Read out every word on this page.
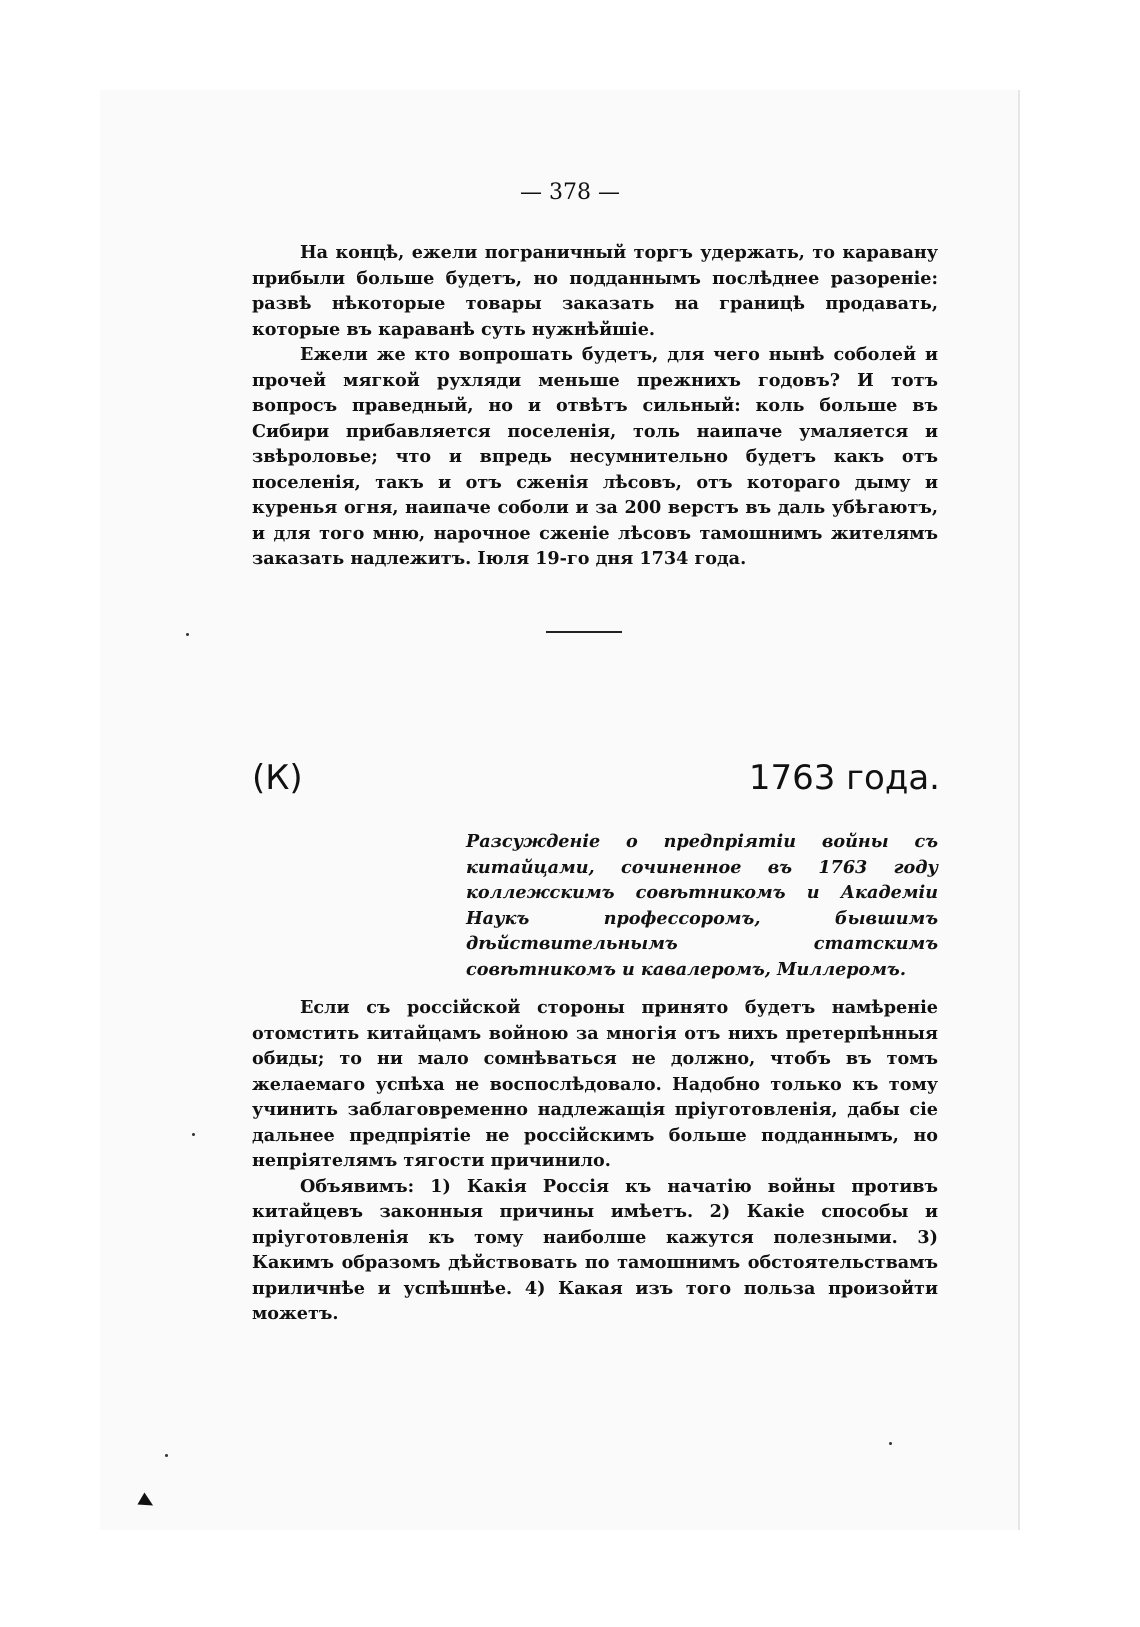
— 378 —

На концѣ, ежели пограничный торгъ удержать, то каравану прибыли больше будетъ, но подданнымъ послѣднее разореніе: развѣ нѣкоторые товары заказать на границѣ продавать, которые въ караванѣ суть нужнѣйшіе.

Ежели же кто вопрошать будетъ, для чего нынѣ соболей и прочей мягкой рухляди меньше прежнихъ годовъ? И тотъ вопросъ праведный, но и отвѣтъ сильный: коль больше въ Сибири прибавляется поселенія, толь наипаче умаляется и звѣроловье; что и впредь несумнительно будетъ какъ отъ поселенія, такъ и отъ сженія лѣсовъ, отъ котораго дыму и куренья огня, наипаче соболи и за 200 верстъ въ даль убѣгаютъ, и для того мню, нарочное сженіе лѣсовъ тамошнимъ жителямъ заказать надлежитъ. Іюля 19-го дня 1734 года.

(К)	1763 года.

Разсужденіе о предпріятіи войны съ китайцами, сочиненное въ 1763 году коллежскимъ совѣтникомъ и Академіи Наукъ профессоромъ, бывшимъ дѣйствительнымъ статскимъ совѣтникомъ и кавалеромъ, Миллеромъ.

Если съ россійской стороны принято будетъ намѣреніе отомстить китайцамъ войною за многія отъ нихъ претерпѣнныя обиды; то ни мало сомнѣваться не должно, чтобъ въ томъ желаемаго успѣха не воспослѣдовало. Надобно только къ тому учинить заблаговременно надлежащія пріуготовленія, дабы сіе дальнее предпріятіе не россійскимъ больше подданнымъ, но непріятелямъ тягости причинило.

Объявимъ: 1) Какія Россія къ начатію войны противъ китайцевъ законныя причины имѣетъ. 2) Какіе способы и пріуготовленія къ тому наиболше кажутся полезными. 3) Какимъ образомъ дѣйствовать по тамошнимъ обстоятельствамъ приличнѣе и успѣшнѣе. 4) Какая изъ того польза произойти можетъ.
